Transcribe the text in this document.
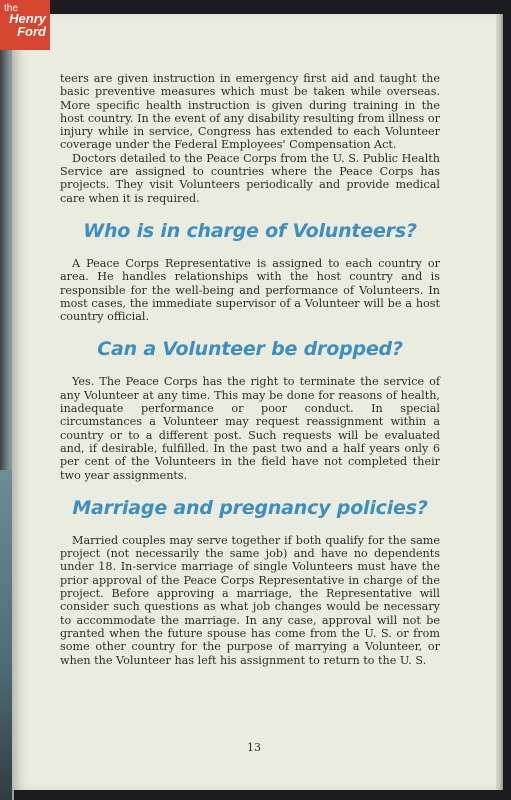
teers are given instruction in emergency first aid and taught the basic preventive measures which must be taken while overseas. More specific health instruction is given during training in the host country. In the event of any disability resulting from illness or injury while in service, Congress has extended to each Volunteer coverage under the Federal Employees' Compensation Act.

Doctors detailed to the Peace Corps from the U. S. Public Health Service are assigned to countries where the Peace Corps has projects. They visit Volunteers periodically and provide medical care when it is required.

Who is in charge of Volunteers?

A Peace Corps Representative is assigned to each country or area. He handles relationships with the host country and is responsible for the well-being and performance of Volunteers. In most cases, the immediate supervisor of a Volunteer will be a host country official.

Can a Volunteer be dropped?

Yes. The Peace Corps has the right to terminate the service of any Volunteer at any time. This may be done for reasons of health, inadequate performance or poor conduct. In special circumstances a Volunteer may request reassignment within a country or to a different post. Such requests will be evaluated and, if desirable, fulfilled. In the past two and a half years only 6 per cent of the Volunteers in the field have not completed their two year assignments.

Marriage and pregnancy policies?

Married couples may serve together if both qualify for the same project (not necessarily the same job) and have no dependents under 18. In-service marriage of single Volunteers must have the prior approval of the Peace Corps Representative in charge of the project. Before approving a marriage, the Representative will consider such questions as what job changes would be necessary to accommodate the marriage. In any case, approval will not be granted when the future spouse has come from the U. S. or from some other country for the purpose of marrying a Volunteer, or when the Volunteer has left his assignment to return to the U. S.

13
the
Henry
Ford
